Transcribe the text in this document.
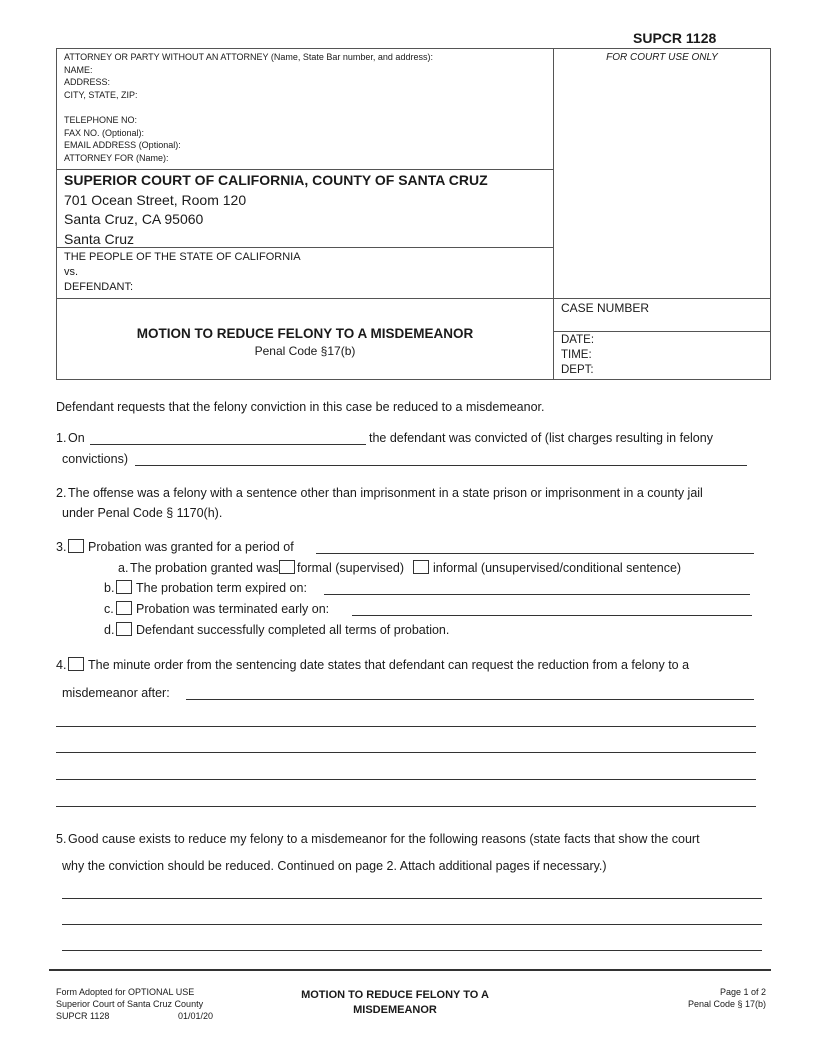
SUPCR 1128
ATTORNEY OR PARTY WITHOUT AN ATTORNEY (Name, State Bar number, and address):
NAME:
ADDRESS:
CITY, STATE, ZIP:
TELEPHONE NO:
FAX NO. (Optional):
EMAIL ADDRESS (Optional):
ATTORNEY FOR (Name):
FOR COURT USE ONLY
SUPERIOR COURT OF CALIFORNIA, COUNTY OF SANTA CRUZ
701 Ocean Street, Room 120
Santa Cruz, CA 95060
Santa Cruz
THE PEOPLE OF THE STATE OF CALIFORNIA
vs.
DEFENDANT:
MOTION TO REDUCE FELONY TO A MISDEMEANOR
Penal Code §17(b)
CASE NUMBER
DATE:
TIME:
DEPT:
Defendant requests that the felony conviction in this case be reduced to a misdemeanor.
1. On	the defendant was convicted of (list charges resulting in felony
convictions)
2. The offense was a felony with a sentence other than imprisonment in a state prison or imprisonment in a county jail
under Penal Code § 1170(h).
3. Probation was granted for a period of
a. The probation granted was formal (supervised) informal (unsupervised/conditional sentence)
b. The probation term expired on:
c. Probation was terminated early on:
d. Defendant successfully completed all terms of probation.
4. The minute order from the sentencing date states that defendant can request the reduction from a felony to a
misdemeanor after:
5. Good cause exists to reduce my felony to a misdemeanor for the following reasons (state facts that show the court
why the conviction should be reduced. Continued on page 2. Attach additional pages if necessary.)
Form Adopted for OPTIONAL USE
Superior Court of Santa Cruz County
SUPCR 1128	01/01/20
MOTION TO REDUCE FELONY TO A
MISDEMEANOR
Page 1 of 2
Penal Code § 17(b)
